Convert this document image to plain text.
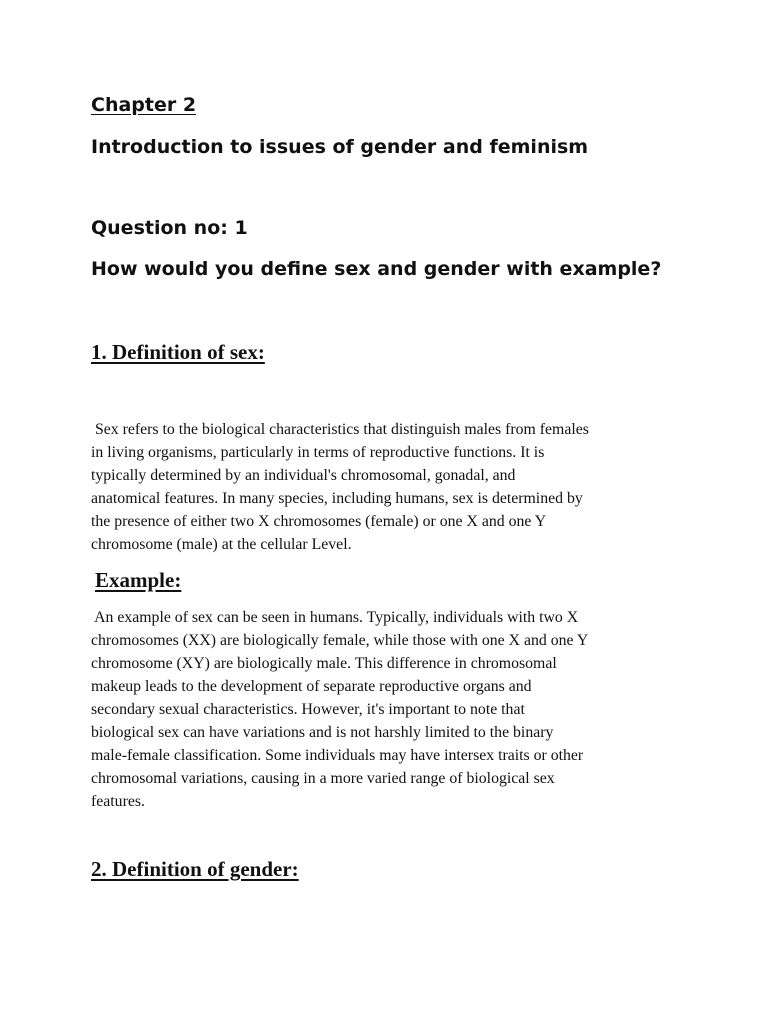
Chapter 2
Introduction to issues of gender and feminism
Question no: 1
How would you define sex and gender with example?
1. Definition of sex:
Sex refers to the biological characteristics that distinguish males from females
in living organisms, particularly in terms of reproductive functions. It is
typically determined by an individual's chromosomal, gonadal, and
anatomical features. In many species, including humans, sex is determined by
the presence of either two X chromosomes (female) or one X and one Y
chromosome (male) at the cellular Level.
Example:
An example of sex can be seen in humans. Typically, individuals with two X
chromosomes (XX) are biologically female, while those with one X and one Y
chromosome (XY) are biologically male. This difference in chromosomal
makeup leads to the development of separate reproductive organs and
secondary sexual characteristics. However, it's important to note that
biological sex can have variations and is not harshly limited to the binary
male-female classification. Some individuals may have intersex traits or other
chromosomal variations, causing in a more varied range of biological sex
features.
2. Definition of gender:
